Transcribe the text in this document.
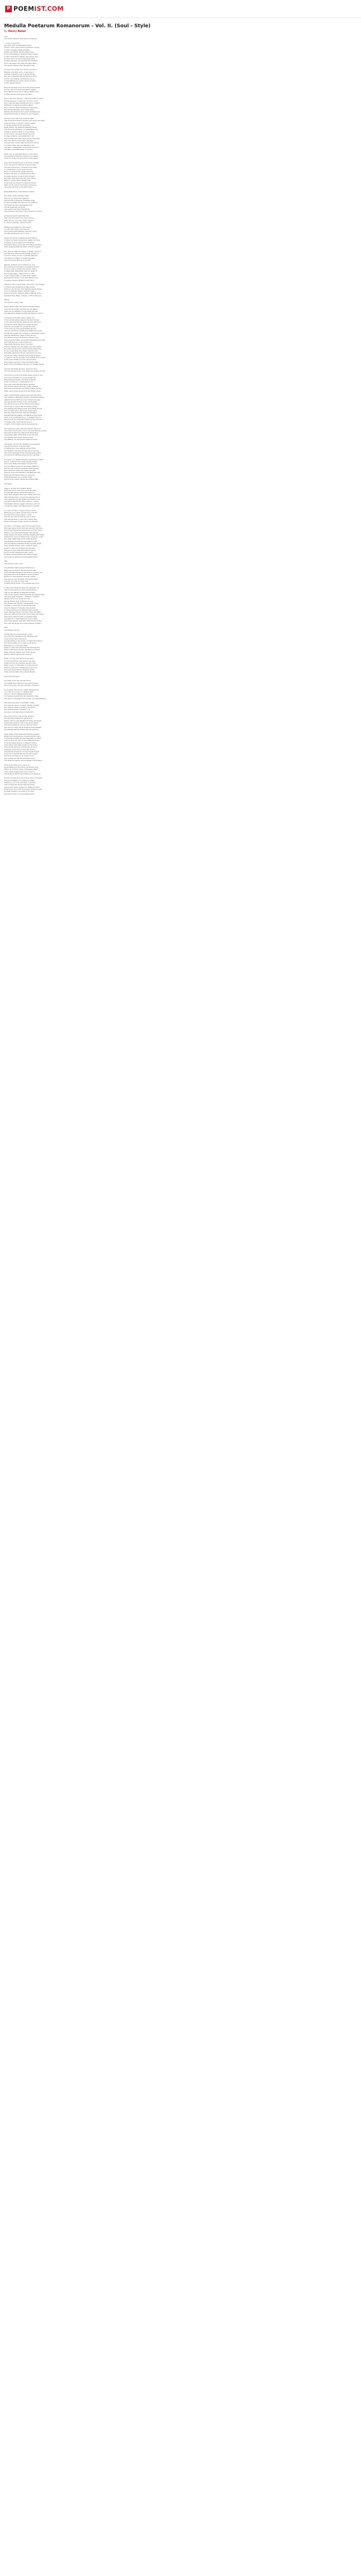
P POEMIST.COM
Medulla Poetarum Romanorum - Vol. II. (Soul - Style)
by Henry Baker
Soul.
See Deceit, Elysium, Hell, Raven, Purgatory.

~ Souls for ever live:
But when their old Habitations leave,
Travel to new; which them in Quarters, receive.
I\'d alive, breathe, finally thoughts,
Within, and Wither, still the Spirit wave:
From its Dwellings to all Mixed Wave in Place,
To Men, from Men to Beasts, and newer does.
Its place like rock wind forgiveness takes
Declares his here, but shall the Old Fashions,
The to the same Ione, lends the same name,
The various Figures their Reception hide.

We know not yet the Soul: how its produc'd,
Whether with Body born, or else infus'd:
Whether in Death, loved to perish the Air,
One one confusedly still, and pursues there:
Or thro' arch Bodies, and hersif do'es go;
In Dark Brimstone Coasts, and frost below:
Or into Beasts rations --

Brave Souls when loos'd from the greater Chain
Of Clay, and err'd their new Watch regains,
From Earth's gross Clit or Wheel, Pasture rise,
In Ether warmer, and enjoy the Skies --

Who could know Nature's, unless her Mind received
The Knowledge? or find God, but Dut of God?
Who could the Space Immense be of or confin'd
Within the Compass of a narrow Mind?
How could the Stars, the Dances of the Stars,
The Moving Heavens, and content Wars,
Beholid And Nature in her devrot Mortality bore,
Proportion'd Souls, be subject to our Thought --

Can any doubt that God resides in Man;
That Souls from Heav'n descend; and where the Chain
Of the he rides, to return to Heav'n again?
To all the greater World, appearing
Earth, Waves, Air, make the material Frame,
And there this Members a commanding Soul;
A Parst'd, directs it Motion of the Whole;
So 'tis in Men, the lesser World, the Soul
Is Chay, unitation, and sturdily thro' wit,
But the Effectual Frame when ancest ideas they,
This sixty Part its body's first with Rays
The less view wonder, that the World is known
To itself by Man, since he himself in One,
The same Contemplates in his Form it showed
And Man is the little Image of his God --

When once th' appointed Hours of Life arrive
The passing Words their Former Love sustain,
The born a new, and Aboutd'st of fresh again --

Peace with delights never in the Fruit of Plains
Soul conceived no Mind by virtuous Frame
Thy Here was known, of human Form Dwell
To' eternal Part of your Gran only fell,
But to we pick sacred, sitting plan fear
Within ir the Sun, in youthful Green dress
So when, Me'ams' Aconst'd Mold single it
His better Part Immortal, and grow ethie'e
Pagan to Vogue clame ,Hinght learn
In his swift Car Forever t'd Mercury Rome;
High o'er the hollow Clouds the Courses lie,
And lodge the Hero in the Starry Sky --

Dying Reflections of the Emperor Adrian.

Poor little, pretty, fluttring Thing!
Must we no longer live together?
And dost Thou prune thy trembling Wing,
To take thy Flight Thou know'st not whither?
Thy humorous Vein, thy pleasing Folly
Lies all neglected, all forgot:
And pensive wav'ring, melancholy,
Thou dread'st, and fear'st, Thou know'st not what.--

Ah fleeting Spirit! wand'ring Fire,
That long has warm'd my tender Bosom!
Must Thou no more this Frame inspire?
No more a pleasing, cheerful Guest?

Whither, ah whither art Thou flying?
To what dark undiscover'd Shore?
Thou seem'st all trembling, shiv'ring, dying,
And Wit and Humour are no more.

Nature the Power of framing Sounds affords
To Man, but Sean Convenience taught us Words.
As Infants now for Want of Words devise
Expressive Signs, and speak with Hands and Eyes;
Their speaking Hand the Want of Words supplies.

But, that one Man the Names of Things contriv'd,
And that from him their Knowledge all deriv'd,
To fond to think: for how could that Man find
The Names of Things, or speak a Speaker,
And not another Man do so as well?

Besides, if Others us'd not Words as once,
How was their Profit and Convenience known?
Or how could he instruct the Others' Mind?
In make them understand what he design'd?
Once being single, neither Force nor Wit
Could conquer many, or make them submit;
Persuade his Words, or tell with Patient Voice
A meaner's jargon rattling in their Ears?

Therefore since proper Parts, since Voice, and Tongue,
To Nature still Sensations in Man belong,
Where be the Wonder, that Mankind should Frame
For ev'ry diff'rent Thing a diff'rent Name?
Since ev'n brute Creatures make a diff'rent Noise,
Digestion Fury, Pains, or Fears, or Fill it with Joys --

Spring.
See Seasons, Venus, Year.

Where Winter ends, and Spring serenely shines,
Then Fat the Lambs, and then are the Wines;
Then soft the Slumbers on the shady Ground,
And then thick Shades the Hilly Mountain's crown'd.

The Spring in Forests yields a kindly Aid
To Woods the Spring restores the wild's Shade:
In the Vernal Spring the Lands abound with Juice,
And ask for Seeds that give a bright Produce.
Then the Air, present the prolific Showers
To the soft Lap of his great Earthly Spouse:
Then his vast Body nourishes the Mighty Preceeds,
And all, the mighty Life commits'd, with Mighty Seeds.
Then the Birds have tongue in airy Groves,
And Herds perceive the Season of their Loves.
Then teem the Fields, and melted Flake Revolves Taste
And fresh Bosoms of the western Air:
Then kindly Moisture rises of the fruit:
The new Vessels rise, and kindly rear their Heads:
Nor fears the Vine but comfort Storms shall bring:
Or the rough Haisy Plow Waste clear the vine.
But kindly plants her Shoots, and blooms around.
And all her Leaves displays with pompous Bloom
So joined to Pluck' the dusts, and earthen, their Course
In the weak Childhood of the nascent Ware,
Then Spring was all, for then the mighty Ring
Belt'd, Free from Winter's Storms, in constant Spring --

And now the Fields all trees, and every Tree
Now blooms the Grove, now smiles the beauteous Year --

Soon then by Gods from Burthi green buried to live,
And ever-young Bacos in to the tender Sin
Flavs Besses in Fields, and Birds in Hindry
Flows or with Joy to consummate Love.
The gods young Day that ushers Springs,
And various Leaves adorn the grassy Springs.
With such bold Powers are Nature's Parts possess,
When, sand in dim moves from the Winter's Rest --

Stand, Winter fields, Seasons surrounds the Wing,
And turning in gleamings Springs; the smiling Spring,
Afgars from the Divits are now retreats are seen,
And spread their Crests on the curling Main:
The Herds are not now the Dream below alight,
The Frosts no longer chill the Fields a White:
The Nymphs and Graces joyful, from Shady Woods,
Beyond Light dance, and lovely Venus leads.
And they shift their Feet, and and stimulate
Ringing With Woodlands, and Ballets at they tread,
Then crown'd with Myrtle be, or Dignant Flow'rs,
Burst'd from the Earth and Fearful Spring Flowers,
To Faunus offer, in the sacred Groves,
A Lamb, or Kid, which ever he best approves --

The Graves are gone, behold a World's care-four!
Now Grows the Ground, how Loves their Branches green.
The Seasons that now, allayed the Rivers Bed,
Changeably glide within their proper Bounds;
The Nymphs and Graces dance around,
And blithely o'er the flowery Meadow bound --

The Spring, the new the warbling Song appears,
The glad'st Season of rivulet Years;
In Spring the Loves enkindle mutual Fires,
The Feather'd Chorus join their Amorous Fires;
The Grove springing Fruits with descending Rain,
And Groves in diff'ring Greens adorns the Plain --

Now Both cool Stalks of Brewin extend their Ceiling;
Secure of Favours from their leading Grains;
Now lovely Harts from Heavy Concern tuck;
Now blooming Violets for the sweety Manhood
And now the Gordelos Guide Ine shell appears
Boron all their Winds and release the Jaw;
Then the New with Sapphire, and Beat the Song,
Berlys are the Waves where for seducing
While Philomela loves a tender Strain,
And from the Poplar charms the turning Plain --

The Stage.

Thence, 'tis said, the Tragedy knows,
Unknown before, and rare of It in Her Rise,
In Carts the Ogious visions exit'd abroad.
Their Faces smear'd with Lees of Wine and Sore;
After him the Teller of every the spending Floor;
Then Aeshylus brought Masks and Robes in Use,
And built a Play-House, and Contriv'd a Scene;
The Buskin'd Heroes taught with Grace and Art
To tread the Stage, and handsomely to act Part --

No, were at First in Trojan Numbers wrote,
Where the poor Their obscene'd for a Groat;
Brought in the Songs raised to dwell
And end the ruinous with the victory Feet.
This was the Rest to fortre the Comedy Play,
Where drunk and women, and ill wit the Play.

Nor Flute, or Trumpet, grac'd the ancient Scene;
But Pipes whose Stops were few, and Wooden Vows
Serv'd gent Expression and placed in former Plays;
Where to the Guest and Amateur were Proud;
When Gallies lure Flesh, and Ray Amphitheatre Plays;
Of their Boz ones how Hand of the Conquests round,
And wider Walls enlarg'd the Cities Bounds;
Then Bestial on Public Streets begin to lead,
And new Fabrics increased in the sounding Mead;
Then graceful Motion, and a pompous Dress,
Begun to grace the Number and the Play;
The gas no more sufficient Digitum Sound,
But th' a lofty rehearsed Organ, bound,
Or Public Intemperament its Sentence Rank,
And spoke prophetical as the Delphian Vault --

Star.
See Chariots, Orion, Sun.

The glittering Stars at equal Distance lie,
Make various Shapes, and shed all the Sky
About Animals through in the World's Top they rise,
Beholding the Fork of Nature's Lustrous Place,
Which in a wide Embrace does all contain:
The spacious Air, the Earth, and raging Main;
The Sky, as Lords of a wide One
Its Wind-driven Areas, or Eye-Gleam and grow --

So thick with Stars the Skies are spangled o'er,
That not the Sands upon the winding Shore,
That not the Billows in tempestuous Rain,
That not the Leaves which adorn the Woodlands clean
Can show their Numbers -- Numbers Confess'd
Arithmetick's Voice in the Account:
And as if Stars upon, as Rivers do need,
Five Rustles gai, and Brov the Kingdom vo'ed;
At flight to colour this not the People bear,
Then the Maker's Trumpets of the ancient,
To seize the Heaven by different Stars prevail
Some, like the Arbiter, with Heat, Rays, are Blinc,
And some with less The mud'rous Crowds with Fume,
Were those endowed with a propulsive Dart,
The Shine as cordial Fashion as from a Mart,
They hung agreed, must have shrunk'd the Frame,
Res could the World Now burnt a Feeble a Flame --

Star.
See Rainbow, Storm.

All that Rain fron the Summer's Sun?,
Now from the Thomists in full Hardness run?
A sad Storm, there have been,
Together Rebel to the Green, or South Wind Blew'd,
Gilt and thoughts yet, he said, wrest there?
Wherefore be to find this upper,
What is to find will Adventure and Wind the Fin,
Where wills Dies both Aldo and Bade of Course?
Takes, with the Mildest Soul on the Hours,
Method and Eloquence will cease for --

When you read, and will not leave know
To cast new Words, well tuned to the Age;
While in a tone and weather and Bur Vows,
While a wary or a Prospect of ornament here,
Death is a Pursuit of Things men hold in Fee,
Why men should Words challenge Forms;
When glorious Men, and pompous Beauty --

Grow with the Fancy --

Out many revert the obsolete Word,
And banish those that now are most in Vogue;
Use is the Judge, and Law, and Rule of Speech --

Good Verses must be the certain Standard tell,
To it, that be a Tower or a Temple Hall;
That not only for distinguishing Ways,
No Fleeting Ancient they, find attraction Time,
And Words, consequent, from shoals, and Cheerful Blue --

Who knows the Duty of all Ranks of Men,
And what he owes to Country, Parents, Friends,
How Judges, and how Senators should act,
And what becomes a General to do:
And give to all their proper Characters --

Honourious whom vain Goodes advance
And lear'ngly mislead the ugliest Frey;
Where, who for, and delight'd in Young and Green,
Sound and Listeners I the Foods alone regard
That alone advances, and no vain new Scene
Give that for Truth whose Presence need pleasant,
And dancing Parcels Strains like saw used as --

Monh where a kind impressive Phrase appears,
Bright from the Shadows of some hundred Years
An Unrivalled White Sun and Sing Blum so wither
Can't so more Nor are, in Show Rendegh Sever;
Or he she begin his Boet or Emperor Grace,
Of the Fame with hither bright for his Home;
Thus but the full Tide of Eloquence its Flow,
Gammerly seen, and yet diversely strong,
And with the Treasures of Lean foreign Tongue
It give the Countries and the Ancient Tongue.
But shows no Fancy so on scraps a tone;
The Learned all with its stuff And Echoes,
The Week Fix Nature, and a Polished Conversation --

Come my Pomona, and I was in Ire,
Whom Pallas and the Graces can all and more
What's in of Elders break of Pharsalia's Faith,
Those whom Pompeii and Cesar loved in,
And Pontbury Mentioned Publican, but Applause.

He who its stare more stood from Lines of Virulent,
Friends left Behind, In Nehimi's Pudding,
Modern Joy for Gods, and sails, on admire,
And to deliver the Scene trails the Sense,
And ancient Times compar'd to Abandon's Fare,
Which Poets now, what Scotchme's Ambition want?
Or what convert'd, is worthy to be read?
By learned Critics, of the Judging Dead? --
